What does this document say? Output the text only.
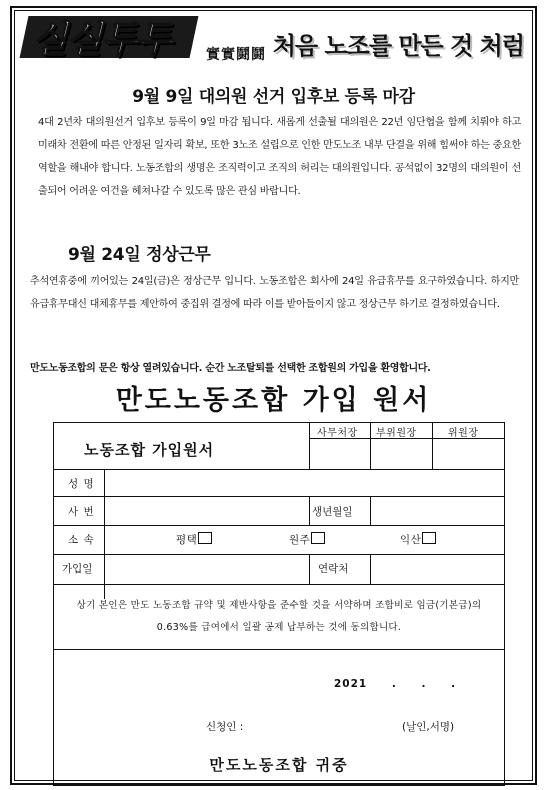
실실투투	實實鬪鬪 처음 노조를 만든 것 처럼
9월 9일 대의원 선거 입후보 등록 마감
4대 2년차 대의원선거 입후보 등록이 9일 마감 됩니다. 새롭게 선출될 대의원은 22년 임단협을 함께 치뤄야 하고 미래차 전환에 따른 안정된 일자리 확보, 또한 3노조 설립으로 인한 만도노조 내부 단결을 위해 힘써야 하는 중요한 역할을 해내야 합니다. 노동조합의 생명은 조직력이고 조직의 허리는 대의원입니다. 공석없이 32명의 대의원이 선출되어 어려운 여건을 헤쳐나갈 수 있도록 많은 관심 바랍니다.
9월 24일 정상근무
추석연휴중에 끼어있는 24일(금)은 정상근무 입니다. 노동조합은 회사에 24일 유급휴무를 요구하였습니다. 하지만 유급휴무대신 대체휴무를 제안하여 중집위 결정에 따라 이를 받아들이지 않고 정상근무 하기로 결정하였습니다.
만도노동조합의 문은 항상 열려있습니다. 순간 노조탈퇴를 선택한 조합원의 가입을 환영합니다.
만도노동조합 가입 원서
노동조합 가입원서
사무처장 부위원장	위원장
성 명
사 번	생년월일
소 속	평택	원주	익산
가입일	연락처
상기 본인은 만도 노동조합 규약 및 제반사항을 준수할 것을 서약하며 조합비로 임금(기본급)의 0.63%를 급여에서 일괄 공제 납부하는 것에 동의합니다.
2021 . . .
신청인 :	(날인,서명)
만도노동조합 귀중
